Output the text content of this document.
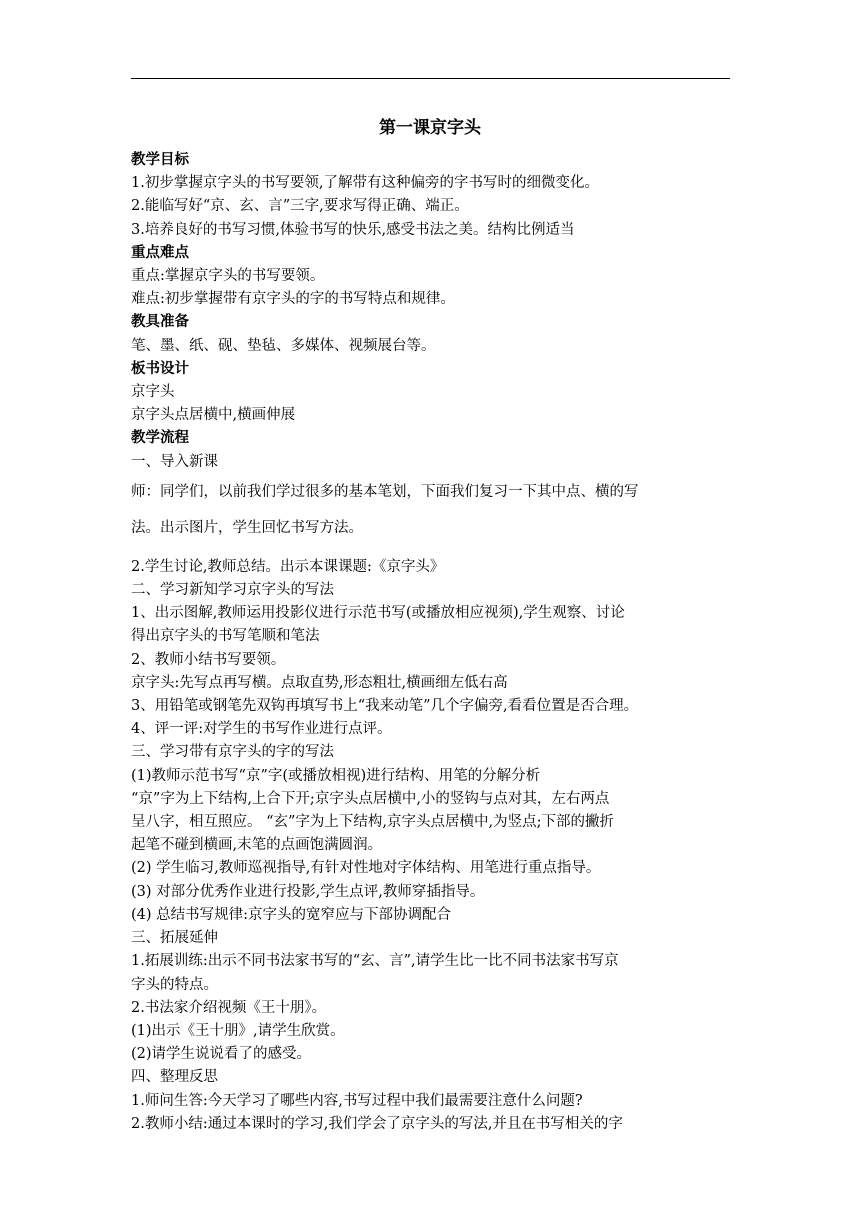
第一课京字头
教学目标
1.初步掌握京字头的书写要领,了解带有这种偏旁的字书写时的细微变化。
2.能临写好“京、玄、言”三字,要求写得正确、端正。
3.培养良好的书写习惯,体验书写的快乐,感受书法之美。结构比例适当
重点难点
重点:掌握京字头的书写要领。
难点:初步掌握带有京字头的字的书写特点和规律。
教具准备
笔、墨、纸、砚、垫毡、多媒体、视频展台等。
板书设计
京字头
京字头点居横中,横画伸展
教学流程
一、导入新课
师：同学们，以前我们学过很多的基本笔划，下面我们复习一下其中点、横的写
法。出示图片，学生回忆书写方法。
2.学生讨论,教师总结。出示本课课题:《京字头》
二、学习新知学习京字头的写法
1、出示图解,教师运用投影仪进行示范书写(或播放相应视须),学生观察、讨论
得出京字头的书写笔顺和笔法
2、教师小结书写要领。
京字头:先写点再写横。点取直势,形态粗壮,横画细左低右高
3、用铅笔或钢笔先双钩再填写书上“我来动笔”几个字偏旁,看看位置是否合理。
4、评一评:对学生的书写作业进行点评。
三、学习带有京字头的字的写法
(1)教师示范书写“京”字(或播放相视)进行结构、用笔的分解分析
“京”字为上下结构,上合下开;京字头点居横中,小的竖钩与点对其，左右两点
呈八字，相互照应。 “玄”字为上下结构,京字头点居横中,为竖点;下部的撇折
起笔不碰到横画,末笔的点画饱满圆润。
(2) 学生临习,教师巡视指导,有针对性地对字体结构、用笔进行重点指导。
(3) 对部分优秀作业进行投影,学生点评,教师穿插指导。
(4) 总结书写规律:京字头的宽窄应与下部协调配合
三、拓展延伸
1.拓展训练:出示不同书法家书写的“玄、言”,请学生比一比不同书法家书写京
字头的特点。
2.书法家介绍视频《王十朋》。
(1)出示《王十朋》,请学生欣赏。
(2)请学生说说看了的感受。
四、整理反思
1.师问生答:今天学习了哪些内容,书写过程中我们最需要注意什么问题?
2.教师小结:通过本课时的学习,我们学会了京字头的写法,并且在书写相关的字
